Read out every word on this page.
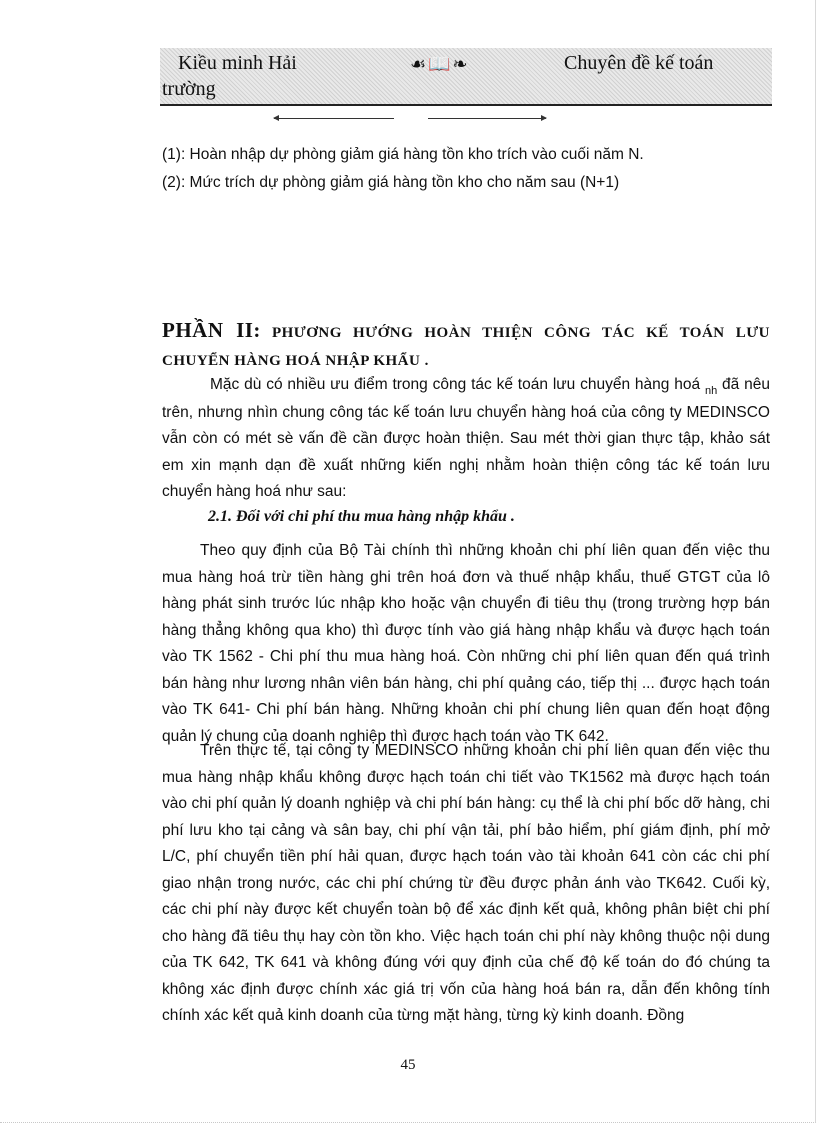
Kiều minh Hải
trường
☙📖❧	Chuyên đề kế toán
(1): Hoàn nhập dự phòng giảm giá hàng tồn kho trích vào cuối năm N.
(2): Mức trích dự phòng giảm giá hàng tồn kho cho năm sau (N+1)
PHẦN II: PHƯƠNG HƯỚNG HOÀN THIỆN CÔNG TÁC KẾ TOÁN LƯU CHUYỂN HÀNG HOÁ NHẬP KHẨU .

Mặc dù có nhiều ưu điểm trong công tác kế toán lưu chuyển hàng hoá $_{nh}$ đã nêu trên, nhưng nhìn chung công tác kế toán lưu chuyển hàng hoá của công ty MEDINSCO vẫn còn có mét sè vấn đề cần được hoàn thiện. Sau mét thời gian thực tập, khảo sát em xin mạnh dạn đề xuất những kiến nghị nhằm hoàn thiện công tác kế toán lưu chuyển hàng hoá như sau:

2.1. Đối với chi phí thu mua hàng nhập khẩu .

Theo quy định của Bộ Tài chính thì những khoản chi phí liên quan đến việc thu mua hàng hoá trừ tiền hàng ghi trên hoá đơn và thuế nhập khẩu, thuế GTGT của lô hàng phát sinh trước lúc nhập kho hoặc vận chuyển đi tiêu thụ (trong trường hợp bán hàng thẳng không qua kho) thì được tính vào giá hàng nhập khẩu và được hạch toán vào TK 1562 - Chi phí thu mua hàng hoá. Còn những chi phí liên quan đến quá trình bán hàng như lương nhân viên bán hàng, chi phí quảng cáo, tiếp thị ... được hạch toán vào TK 641- Chi phí bán hàng. Những khoản chi phí chung liên quan đến hoạt động quản lý chung của doanh nghiệp thì được hạch toán vào TK 642.

Trên thực tế, tại công ty MEDINSCO những khoản chi phí liên quan đến việc thu mua hàng nhập khẩu không được hạch toán chi tiết vào TK1562 mà được hạch toán vào chi phí quản lý doanh nghiệp và chi phí bán hàng: cụ thể là chi phí bốc dỡ hàng, chi phí lưu kho tại cảng và sân bay, chi phí vận tải, phí bảo hiểm, phí giám định, phí mở L/C, phí chuyển tiền phí hải quan, được hạch toán vào tài khoản 641 còn các chi phí giao nhận trong nước, các chi phí chứng từ đều được phản ánh vào TK642. Cuối kỳ, các chi phí này được kết chuyển toàn bộ để xác định kết quả, không phân biệt chi phí cho hàng đã tiêu thụ hay còn tồn kho. Việc hạch toán chi phí này không thuộc nội dung của TK 642, TK 641 và không đúng với quy định của chế độ kế toán do đó chúng ta không xác định được chính xác giá trị vốn của hàng hoá bán ra, dẫn đến không tính chính xác kết quả kinh doanh của từng mặt hàng, từng kỳ kinh doanh. Đồng

45
